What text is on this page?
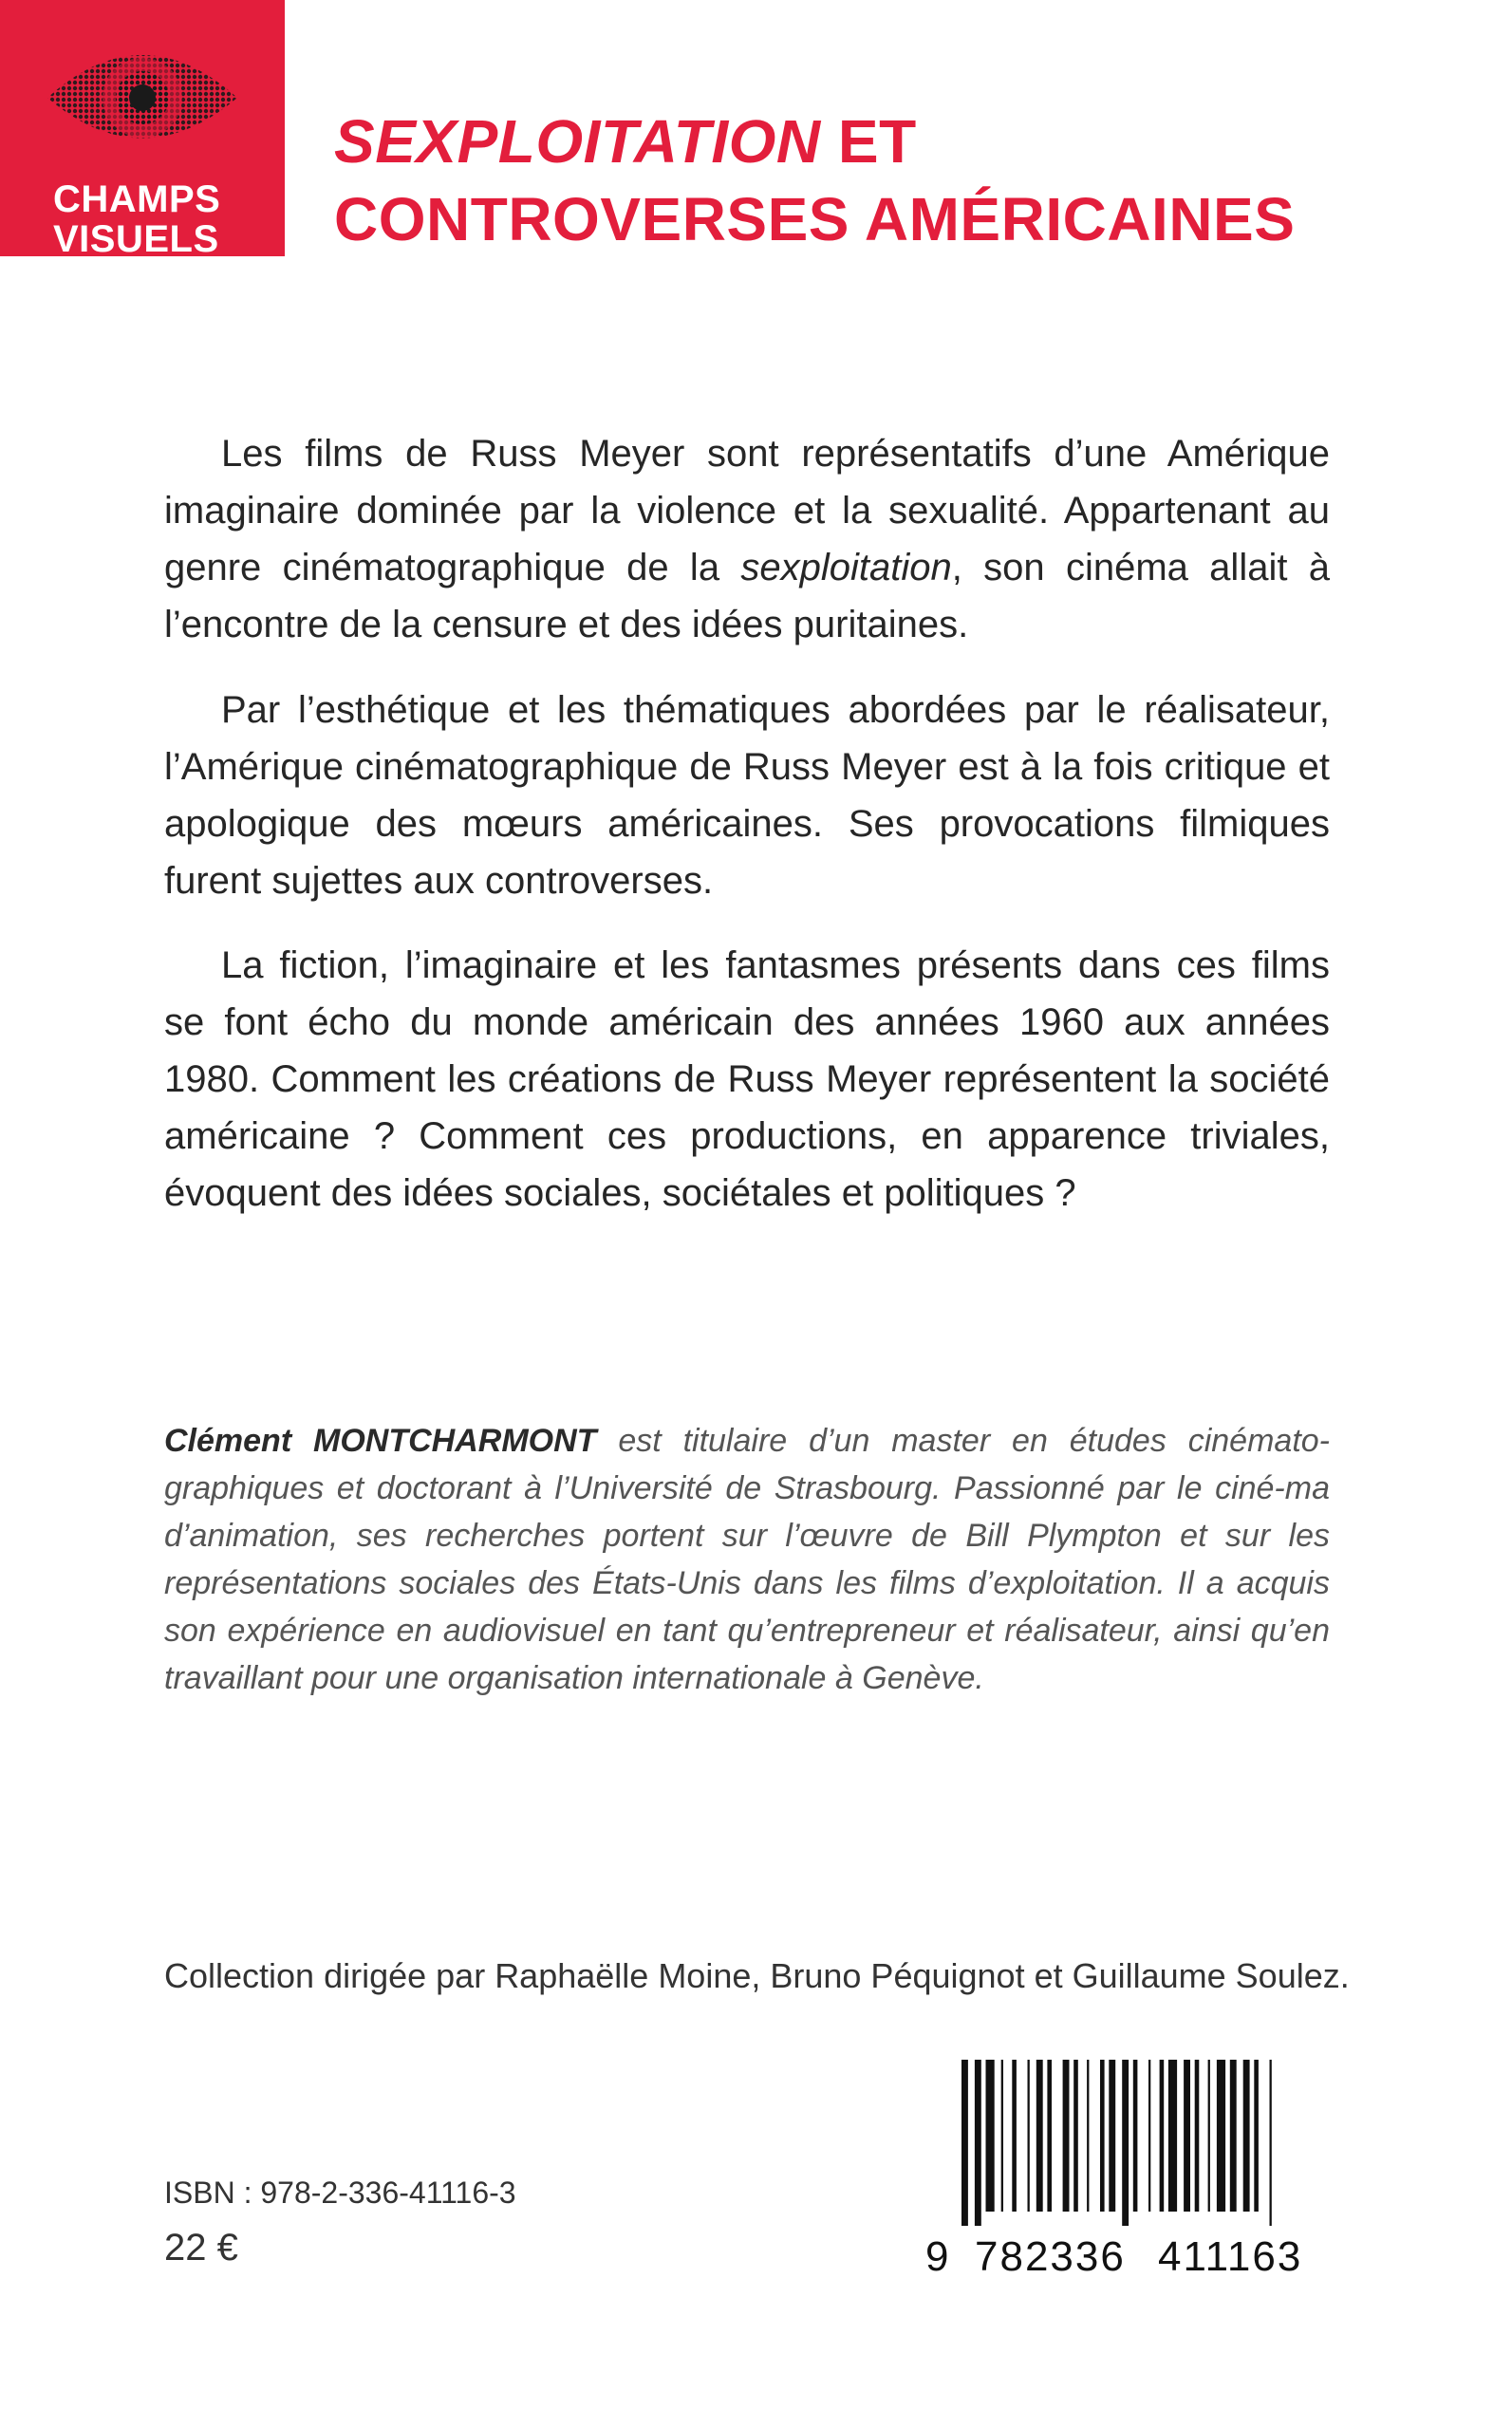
CHAMPS
VISUELS
SEXPLOITATION ET
CONTROVERSES AMÉRICAINES

Les films de Russ Meyer sont représentatifs d’une Amérique imaginaire dominée par la violence et la sexualité. Appartenant au genre cinématographique de la sexploitation, son cinéma allait à l’encontre de la censure et des idées puritaines.

Par l’esthétique et les thématiques abordées par le réalisateur, l’Amérique cinématographique de Russ Meyer est à la fois critique et apologique des mœurs américaines. Ses provocations filmiques furent sujettes aux controverses.

La fiction, l’imaginaire et les fantasmes présents dans ces films se font écho du monde américain des années 1960 aux années 1980. Comment les créations de Russ Meyer représentent la société américaine ? Comment ces productions, en apparence triviales, évoquent des idées sociales, sociétales et politiques ?

Clément MONTCHARMONT est titulaire d’un master en études cinémato-graphiques et doctorant à l’Université de Strasbourg. Passionné par le ciné-ma d’animation, ses recherches portent sur l’œuvre de Bill Plympton et sur les représentations sociales des États-Unis dans les films d’exploitation. Il a acquis son expérience en audiovisuel en tant qu’entrepreneur et réalisateur, ainsi qu’en travaillant pour une organisation internationale à Genève.

Collection dirigée par Raphaëlle Moine, Bruno Péquignot et Guillaume Soulez.
ISBN : 978-2-336-41116-3
22 €	9 782336 411163
